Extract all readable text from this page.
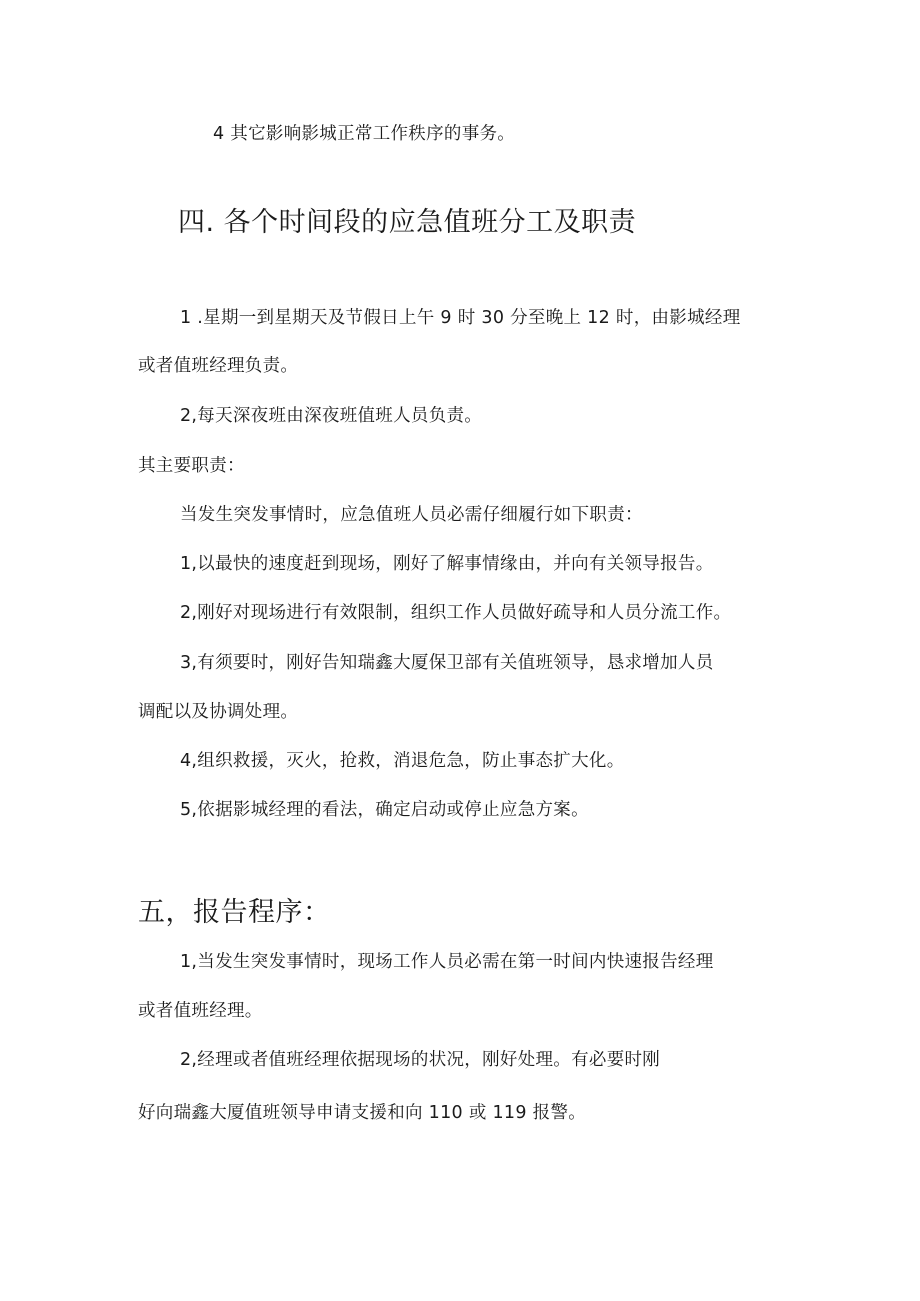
4 其它影响影城正常工作秩序的事务。
四. 各个时间段的应急值班分工及职责
1 .星期一到星期天及节假日上午 9 时 30 分至晚上 12 时，由影城经理
或者值班经理负责。
2,每天深夜班由深夜班值班人员负责。
其主要职责：
当发生突发事情时，应急值班人员必需仔细履行如下职责：
1,以最快的速度赶到现场，刚好了解事情缘由，并向有关领导报告。
2,刚好对现场进行有效限制，组织工作人员做好疏导和人员分流工作。
3,有须要时，刚好告知瑞鑫大厦保卫部有关值班领导，恳求增加人员
调配以及协调处理。
4,组织救援，灭火，抢救，消退危急，防止事态扩大化。
5,依据影城经理的看法，确定启动或停止应急方案。
五，报告程序：
1,当发生突发事情时，现场工作人员必需在第一时间内快速报告经理
或者值班经理。
2,经理或者值班经理依据现场的状况，刚好处理。有必要时刚
好向瑞鑫大厦值班领导申请支援和向 110 或 119 报警。
